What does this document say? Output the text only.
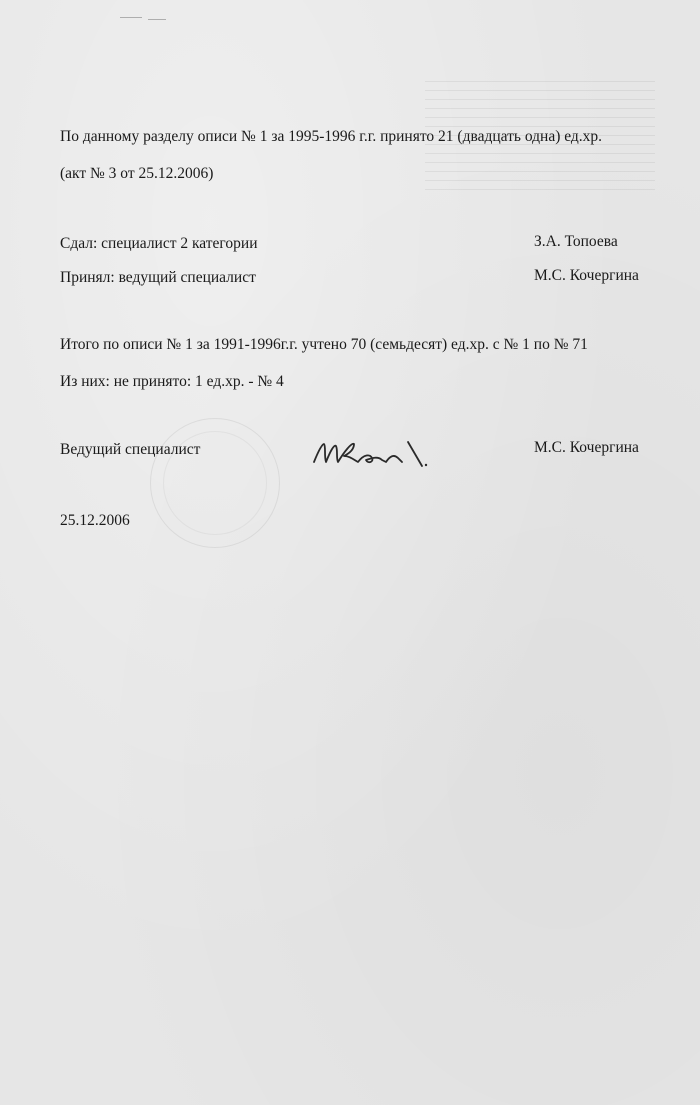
По данному разделу описи № 1 за 1995-1996 г.г. принято 21 (двадцать одна) ед.хр.
(акт № 3 от 25.12.2006)
Сдал: специалист 2 категории	З.А. Топоева
Принял: ведущий специалист	М.С. Кочергина
Итого по описи № 1 за 1991-1996г.г. учтено 70 (семьдесят) ед.хр. с № 1 по № 71
Из них: не принято: 1 ед.хр. - № 4
Ведущий специалист	М.С. Кочергина
25.12.2006
